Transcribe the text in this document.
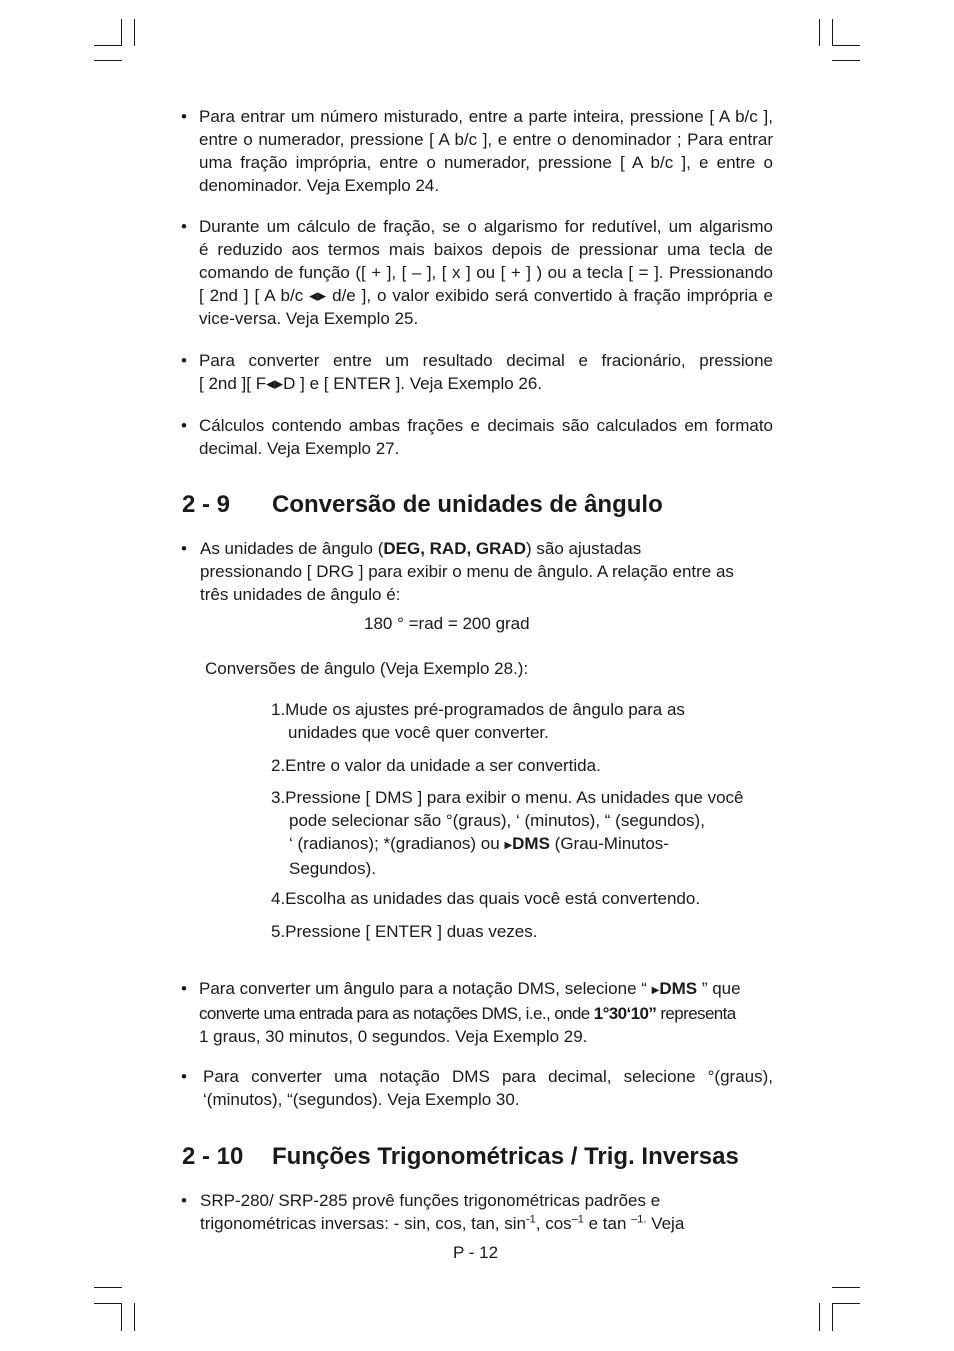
• Para entrar um número misturado, entre a parte inteira, pressione [ A b/c ],
entre o numerador, pressione [ A b/c ], e entre o denominador ; Para entrar
uma fração imprópria, entre o numerador, pressione [ A b/c ], e entre o
denominador. Veja Exemplo 24.
• Durante um cálculo de fração, se o algarismo for redutível, um algarismo
é reduzido aos termos mais baixos depois de pressionar uma tecla de
comando de função ([ + ], [ – ], [ x ] ou [ + ] ) ou a tecla [ = ]. Pressionando
[ 2nd ] [ A b/c ◂▸ d/e ], o valor exibido será convertido à fração imprópria e
vice-versa. Veja Exemplo 25.
• Para converter entre um resultado decimal e fracionário, pressione
[ 2nd ][ F◂▸D ] e [ ENTER ]. Veja Exemplo 26.
• Cálculos contendo ambas frações e decimais são calculados em formato
decimal. Veja Exemplo 27.
2 - 9 Conversão de unidades de ângulo
• As unidades de ângulo (DEG, RAD, GRAD) são ajustadas
pressionando [ DRG ] para exibir o menu de ângulo. A relação entre as
três unidades de ângulo é:
180 ° =rad = 200 grad
Conversões de ângulo (Veja Exemplo 28.):
1.Mude os ajustes pré-programados de ângulo para as
unidades que você quer converter.
2.Entre o valor da unidade a ser convertida.
3.Pressione [ DMS ] para exibir o menu. As unidades que você
pode selecionar são °(graus), ‘ (minutos), “ (segundos),
‘ (radianos); *(gradianos) ou ▶DMS (Grau-Minutos-
Segundos).
4.Escolha as unidades das quais você está convertendo.
5.Pressione [ ENTER ] duas vezes.
• Para converter um ângulo para a notação DMS, selecione “ ▶DMS ” que
converte uma entrada para as notações DMS, i.e., onde 1°30‘10” representa
1 graus, 30 minutos, 0 segundos. Veja Exemplo 29.
• Para converter uma notação DMS para decimal, selecione °(graus),
‘(minutos), “(segundos). Veja Exemplo 30.
2 - 10 Funções Trigonométricas / Trig. Inversas
• SRP-280/ SRP-285 provê funções trigonométricas padrões e
trigonométricas inversas: - sin, cos, tan, $\sin^{-1}$, $\cos^{-1} e$ tan $^{-1.}$ Veja
P - 12
